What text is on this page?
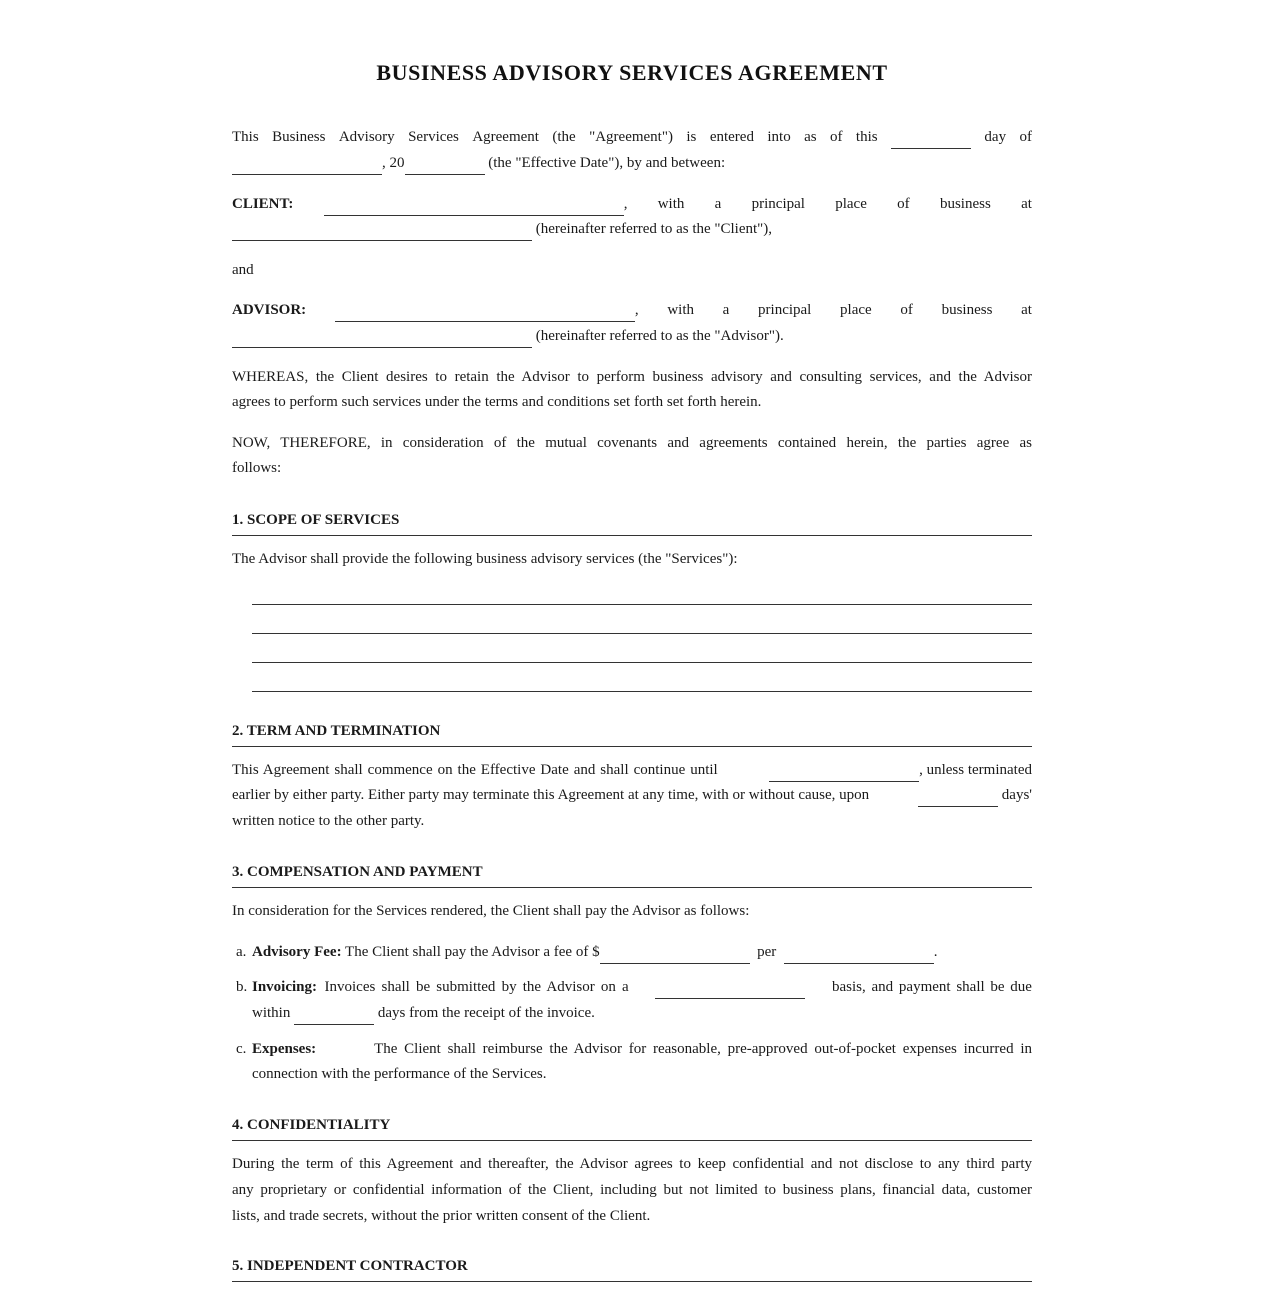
BUSINESS ADVISORY SERVICES AGREEMENT
This Business Advisory Services Agreement (the "Agreement") is entered into as of this	day of
, 20	(the "Effective Date"), by and between:
CLIENT:	, with a principal place of business at
(hereinafter referred to as the "Client"),
and
ADVISOR:	, with a principal place of business at
(hereinafter referred to as the "Advisor").
WHEREAS, the Client desires to retain the Advisor to perform business advisory and consulting services, and the Advisor
agrees to perform such services under the terms and conditions set forth set forth herein.
NOW, THEREFORE, in consideration of the mutual covenants and agreements contained herein, the parties agree as
follows:
1. SCOPE OF SERVICES
The Advisor shall provide the following business advisory services (the "Services"):
2. TERM AND TERMINATION
This Agreement shall commence on the Effective Date and shall continue until	, unless terminated
earlier by either party. Either party may terminate this Agreement at any time, with or without cause, upon	days'
written notice to the other party.
3. COMPENSATION AND PAYMENT
In consideration for the Services rendered, the Client shall pay the Advisor as follows:
a. Advisory Fee: The Client shall pay the Advisor a fee of $	per	.
b. Invoicing: Invoices shall be submitted by the Advisor on a	basis, and payment shall be due
within	days from the receipt of the invoice.
c. Expenses:	The Client shall reimburse the Advisor for reasonable, pre-approved out-of-pocket expenses incurred in
connection with the performance of the Services.
4. CONFIDENTIALITY
During the term of this Agreement and thereafter, the Advisor agrees to keep confidential and not disclose to any third party
any proprietary or confidential information of the Client, including but not limited to business plans, financial data, customer
lists, and trade secrets, without the prior written consent of the Client.
5. INDEPENDENT CONTRACTOR
